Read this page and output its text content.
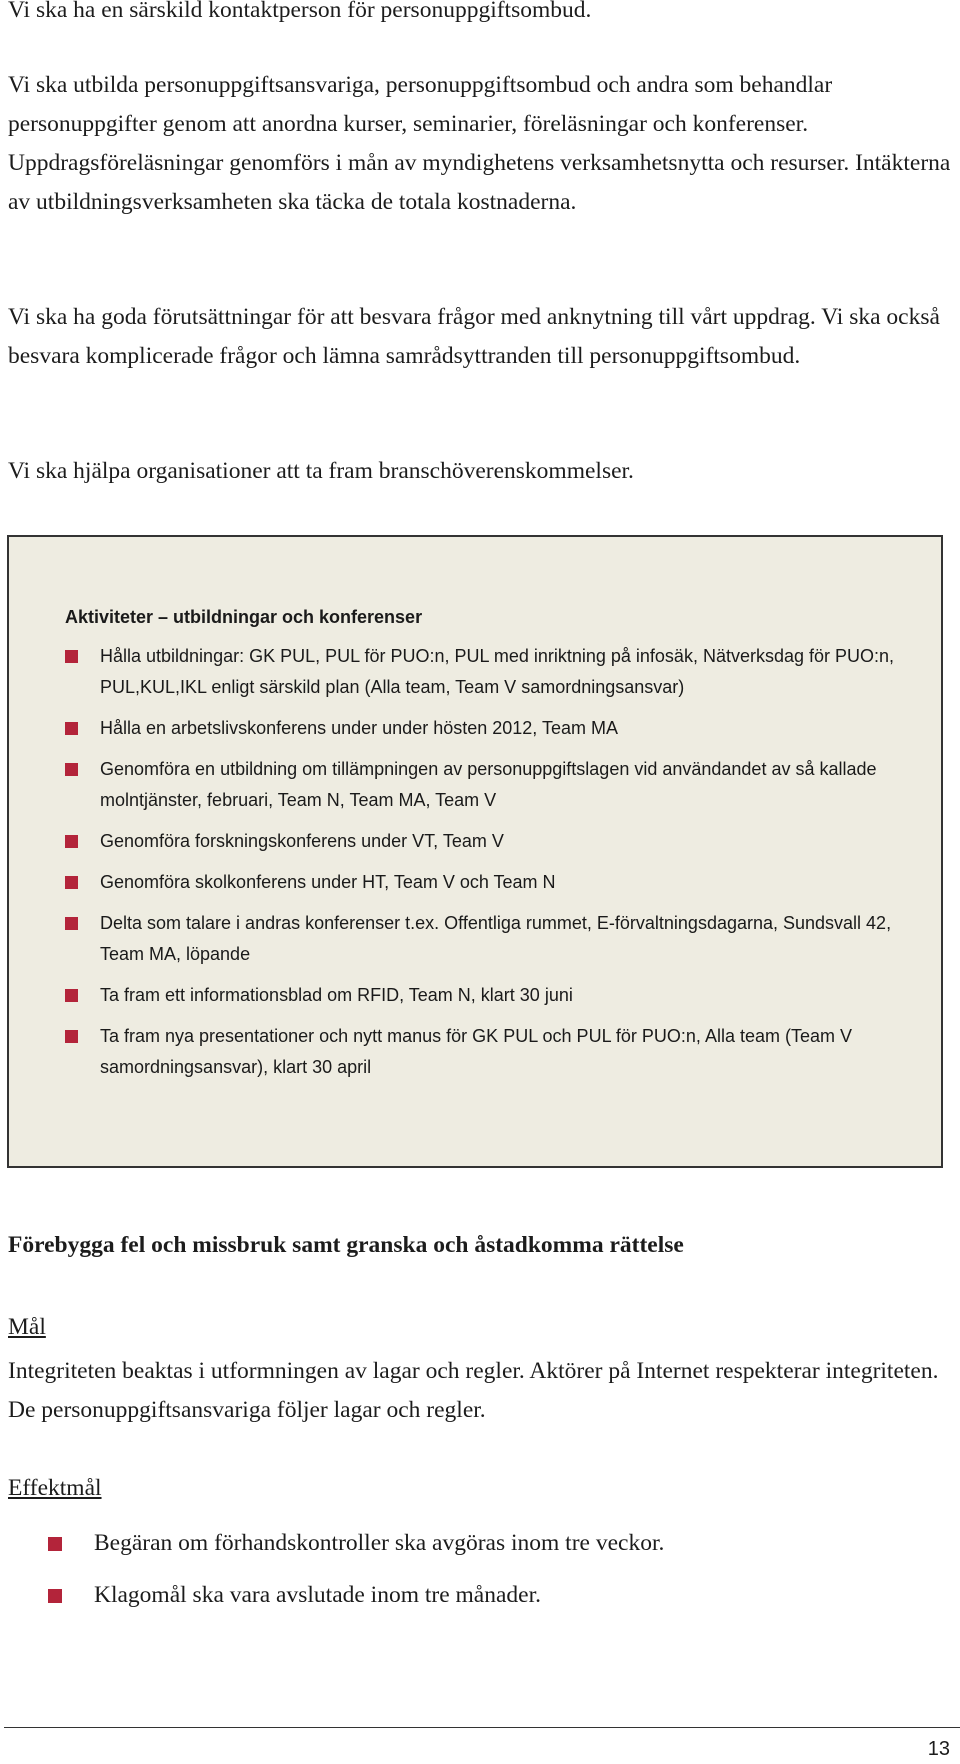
Vi ska ha en särskild kontaktperson för personuppgiftsombud.

Vi ska utbilda personuppgiftsansvariga, personuppgiftsombud och andra som behandlar personuppgifter genom att anordna kurser, seminarier, föreläsningar och konferenser. Uppdragsföreläsningar genomförs i mån av myndighetens verksamhetsnytta och resurser. Intäkterna av utbildningsverksamheten ska täcka de totala kostnaderna.

Vi ska ha goda förutsättningar för att besvara frågor med anknytning till vårt uppdrag. Vi ska också besvara komplicerade frågor och lämna samrådsyttranden till personuppgiftsombud.

Vi ska hjälpa organisationer att ta fram branschöverenskommelser.

Aktiviteter – utbildningar och konferenser

Hålla utbildningar: GK PUL, PUL för PUO:n, PUL med inriktning på infosäk, Nätverksdag för PUO:n, PUL,KUL,IKL enligt särskild plan (Alla team, Team V samordningsansvar)
Hålla en arbetslivskonferens under under hösten 2012, Team MA
Genomföra en utbildning om tillämpningen av personuppgiftslagen vid användandet av så kallade molntjänster, februari, Team N, Team MA, Team V
Genomföra forskningskonferens under VT, Team V
Genomföra skolkonferens under HT, Team V och Team N
Delta som talare i andras konferenser t.ex. Offentliga rummet, E-förvaltningsdagarna, Sundsvall 42, Team MA, löpande
Ta fram ett informationsblad om RFID, Team N, klart 30 juni
Ta fram nya presentationer och nytt manus för GK PUL och PUL för PUO:n, Alla team (Team V samordningsansvar), klart 30 april

Förebygga fel och missbruk samt granska och åstadkomma rättelse

Mål

Integriteten beaktas i utformningen av lagar och regler. Aktörer på Internet respekterar integriteten. De personuppgiftsansvariga följer lagar och regler.

Effektmål

Begäran om förhandskontroller ska avgöras inom tre veckor.
Klagomål ska vara avslutade inom tre månader.

13
